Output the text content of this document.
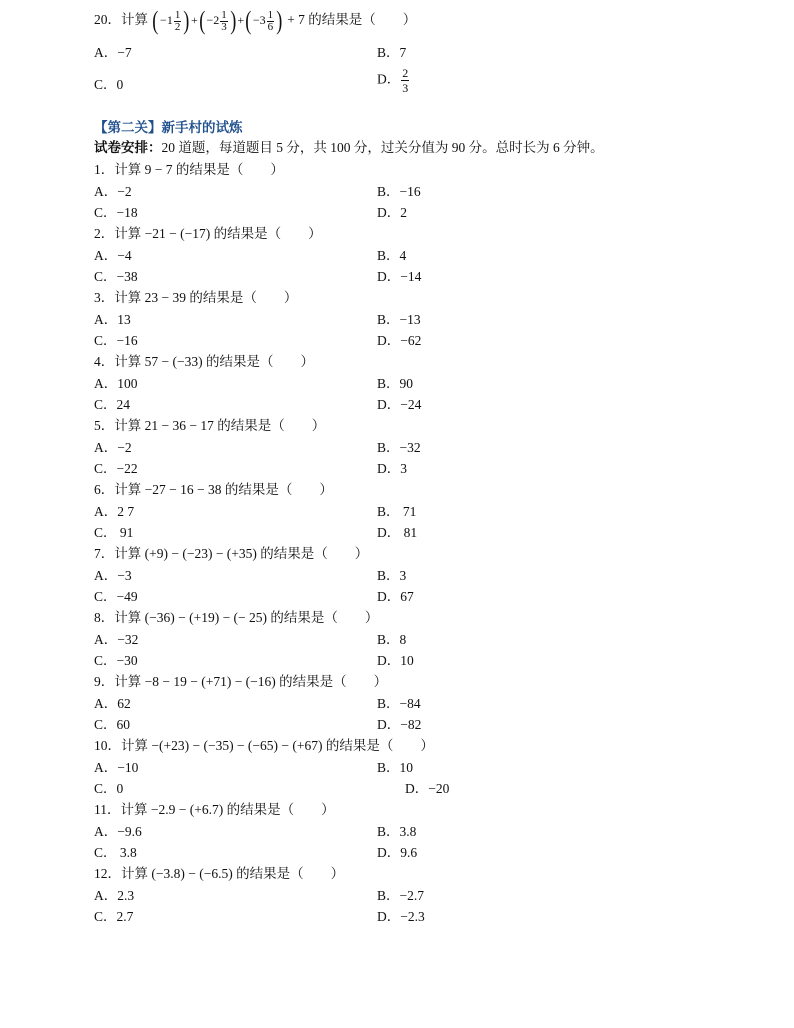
20．计算 $(-1 \frac{1}{2} )+(-2 \frac{1}{3} )+(-3 \frac{1}{6}$ ) + 7 的结果是（　　）
A．−7	B．7
C．0	D． $\frac{2}{3}$
【第二关】新手村的试炼
试卷安排：20 道题，每道题目 5 分，共 100 分，过关分值为 90 分。总时长为 6 分钟。
1．计算 9 − 7 的结果是（　　）
A．−2	B．−16
C．−18	D．2
2．计算 −21 − (−17) 的结果是（　　）
A．−4	B．4
C．−38	D．−14
3．计算 23 − 39 的结果是（　　）
A．13	B．−13
C．−16	D．−62
4．计算 57 − (−33) 的结果是（　　）
A．100	B．90
C．24	D．−24
5．计算 21 − 36 − 17 的结果是（　　）
A．−2	B．−32
C．−22	D．3
6．计算 −27 − 16 − 38 的结果是（　　）
A．2 7	B． 71
C． 91	D． 81
7．计算 (+9) − (−23) − (+35) 的结果是（　　）
A．−3	B．3
C．−49	D．67
8．计算 (−36) − (+19) − (− 25) 的结果是（　　）
A．−32	B．8
C．−30	D．10
9．计算 −8 − 19 − (+71) − (−16) 的结果是（　　）
A．62	B．−84
C．60	D．−82
10．计算 −(+23) − (−35) − (−65) − (+67) 的结果是（　　）
A．−10	B．10
C．0	D．−20
11．计算 −2.9 − (+6.7) 的结果是（　　）
A．−9.6	B．3.8
C． 3.8	D．9.6
12．计算 (−3.8) − (−6.5) 的结果是（　　）
A．2.3	B．−2.7
C．2.7	D．−2.3
